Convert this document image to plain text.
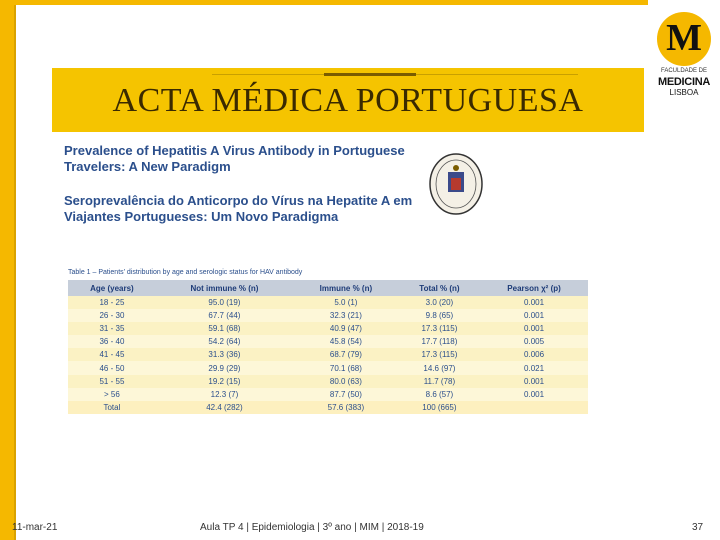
ACTA MÉDICA PORTUGUESA
M
FACULDADE DE
MEDICINA
LISBOA
Prevalence of Hepatitis A Virus Antibody in Portuguese Travelers: A New Paradigm
Seroprevalência do Anticorpo do Vírus na Hepatite A em Viajantes Portugueses: Um Novo Paradigma
Table 1 – Patients’ distribution by age and serologic status for HAV antibody
Age (years)	Not immune % (n)	Immune % (n)	Total % (n)	Pearson χ² (p)
18 - 25	95.0 (19)	5.0 (1)	3.0 (20)	0.001
26 - 30	67.7 (44)	32.3 (21)	9.8 (65)	0.001
31 - 35	59.1 (68)	40.9 (47)	17.3 (115)	0.001
36 - 40	54.2 (64)	45.8 (54)	17.7 (118)	0.005
41 - 45	31.3 (36)	68.7 (79)	17.3 (115)	0.006
46 - 50	29.9 (29)	70.1 (68)	14.6 (97)	0.021
51 - 55	19.2 (15)	80.0 (63)	11.7 (78)	0.001
> 56	12.3 (7)	87.7 (50)	8.6 (57)	0.001
Total	42.4 (282)	57.6 (383)	100 (665)	
11-mar-21	Aula TP 4 | Epidemiologia | 3º ano | MIM | 2018-19	37
